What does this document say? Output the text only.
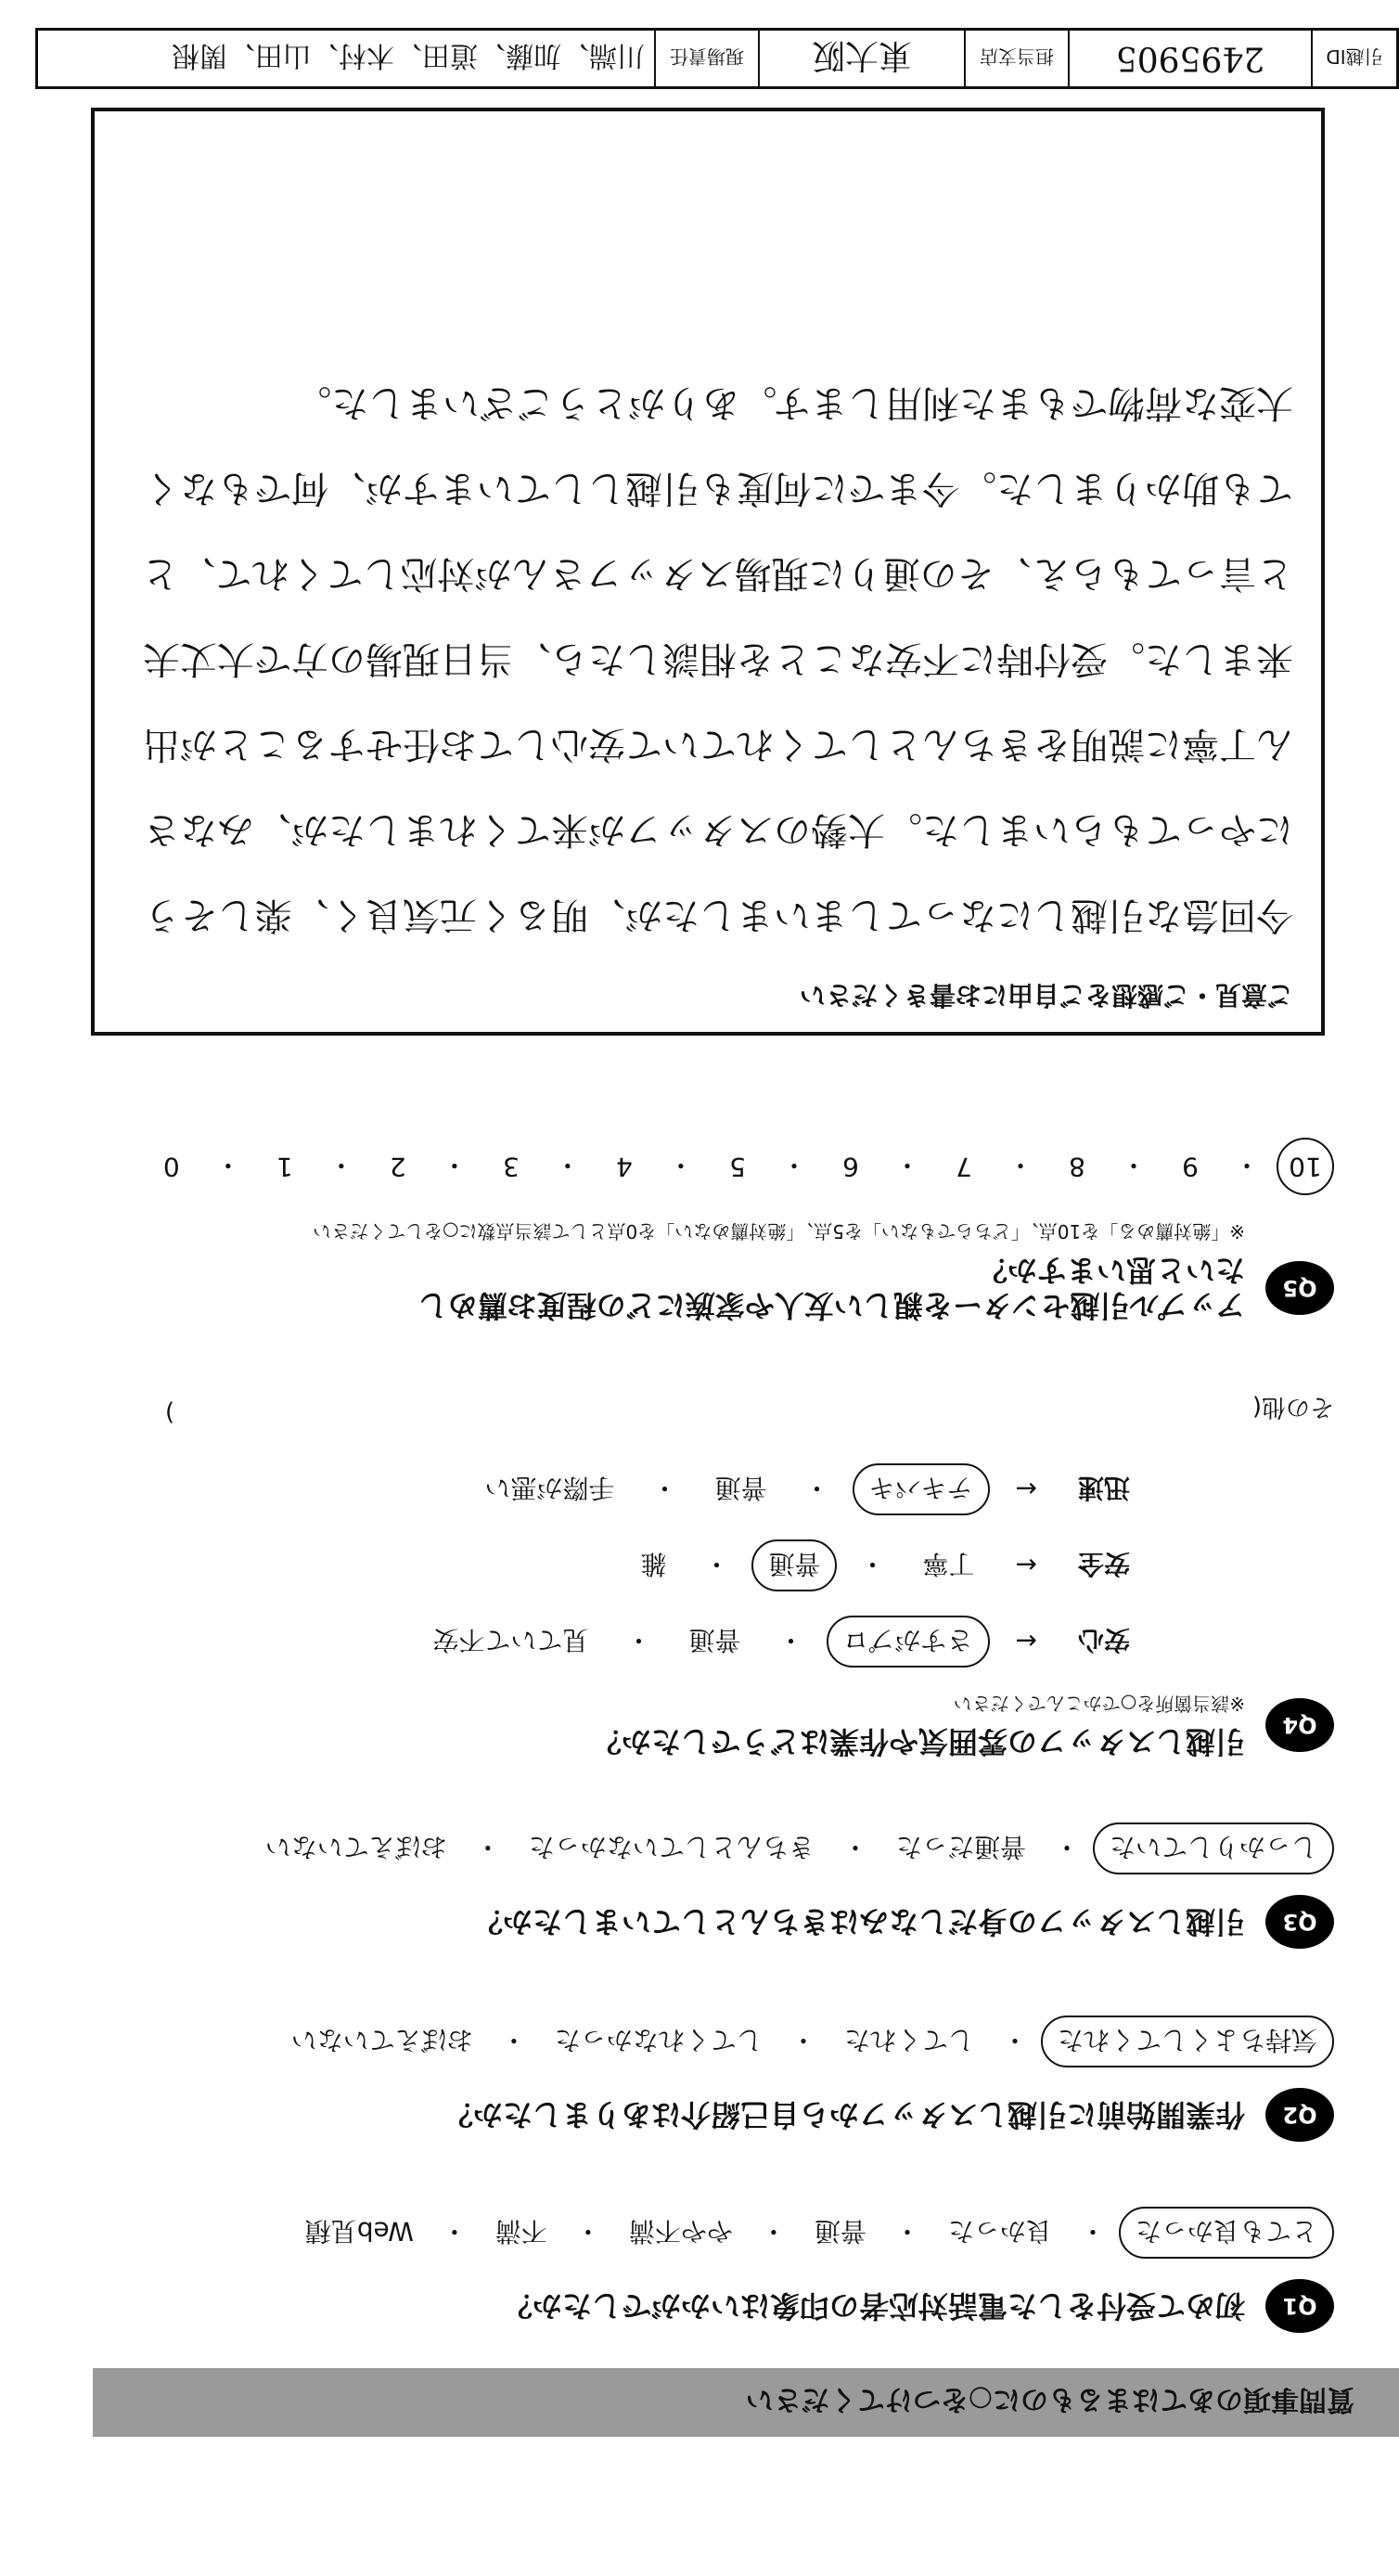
質問事項のあてはまるものに○をつけてください
Q1
初めて受付をした電話対応者の印象はいかがでしたか？
とても良かった
・
良かった
・
普通
・
やや不満
・
不満
・
Web見積
Q2
作業開始前に引越しスタッフから自己紹介はありましたか？
気持ちよくしてくれた
・
してくれた
・
してくれなかった
・
おぼえていない
Q3
引越しスタッフの身だしなみはきちんとしていましたか？
しっかりしていた
・
普通だった
・
きちんとしていなかった
・
おぼえていない
Q4
引越しスタッフの雰囲気や作業はどうでしたか？
※該当箇所を○でかこんでください
安心
←
さすがプロ
・
普通
・
見ていて不安
安全
←
丁寧
・
普通
・
雑
迅速
←
テキパキ
・
普通
・
手際が悪い
その他(
)
Q5
アップル引越センターを親しい友人や家族にどの程度お薦めしたいと思いますか？
※「絶対薦める」を10点、「どちらでもない」を5点、「絶対薦めない」を0点として該当点数に○をしてください
10
・
9
・
8
・
7
・
6
・
5
・
4
・
3
・
2
・
1
・
0
ご意見・ご感想をご自由にお書きください
今回急な引越しになってしまいましたが、明るく元気良く、楽しそうにやってもらいました。大勢のスタッフが来てくれましたが、みなさん丁寧に説明をきちんとしてくれていて安心してお任せすることが出来ました。受付時に不安なことを相談したら、当日現場の方で大丈夫と言ってもらえ、その通りに現場スタッフさんが対応してくれて、とても助かりました。今までに何度も引越ししていますが、何でもなく大変な荷物でもまた利用します。ありがとうございました。
引越ID
2495905
担当支店
東大阪
現場責任
川端、加藤、道田、木村、山田、関根
